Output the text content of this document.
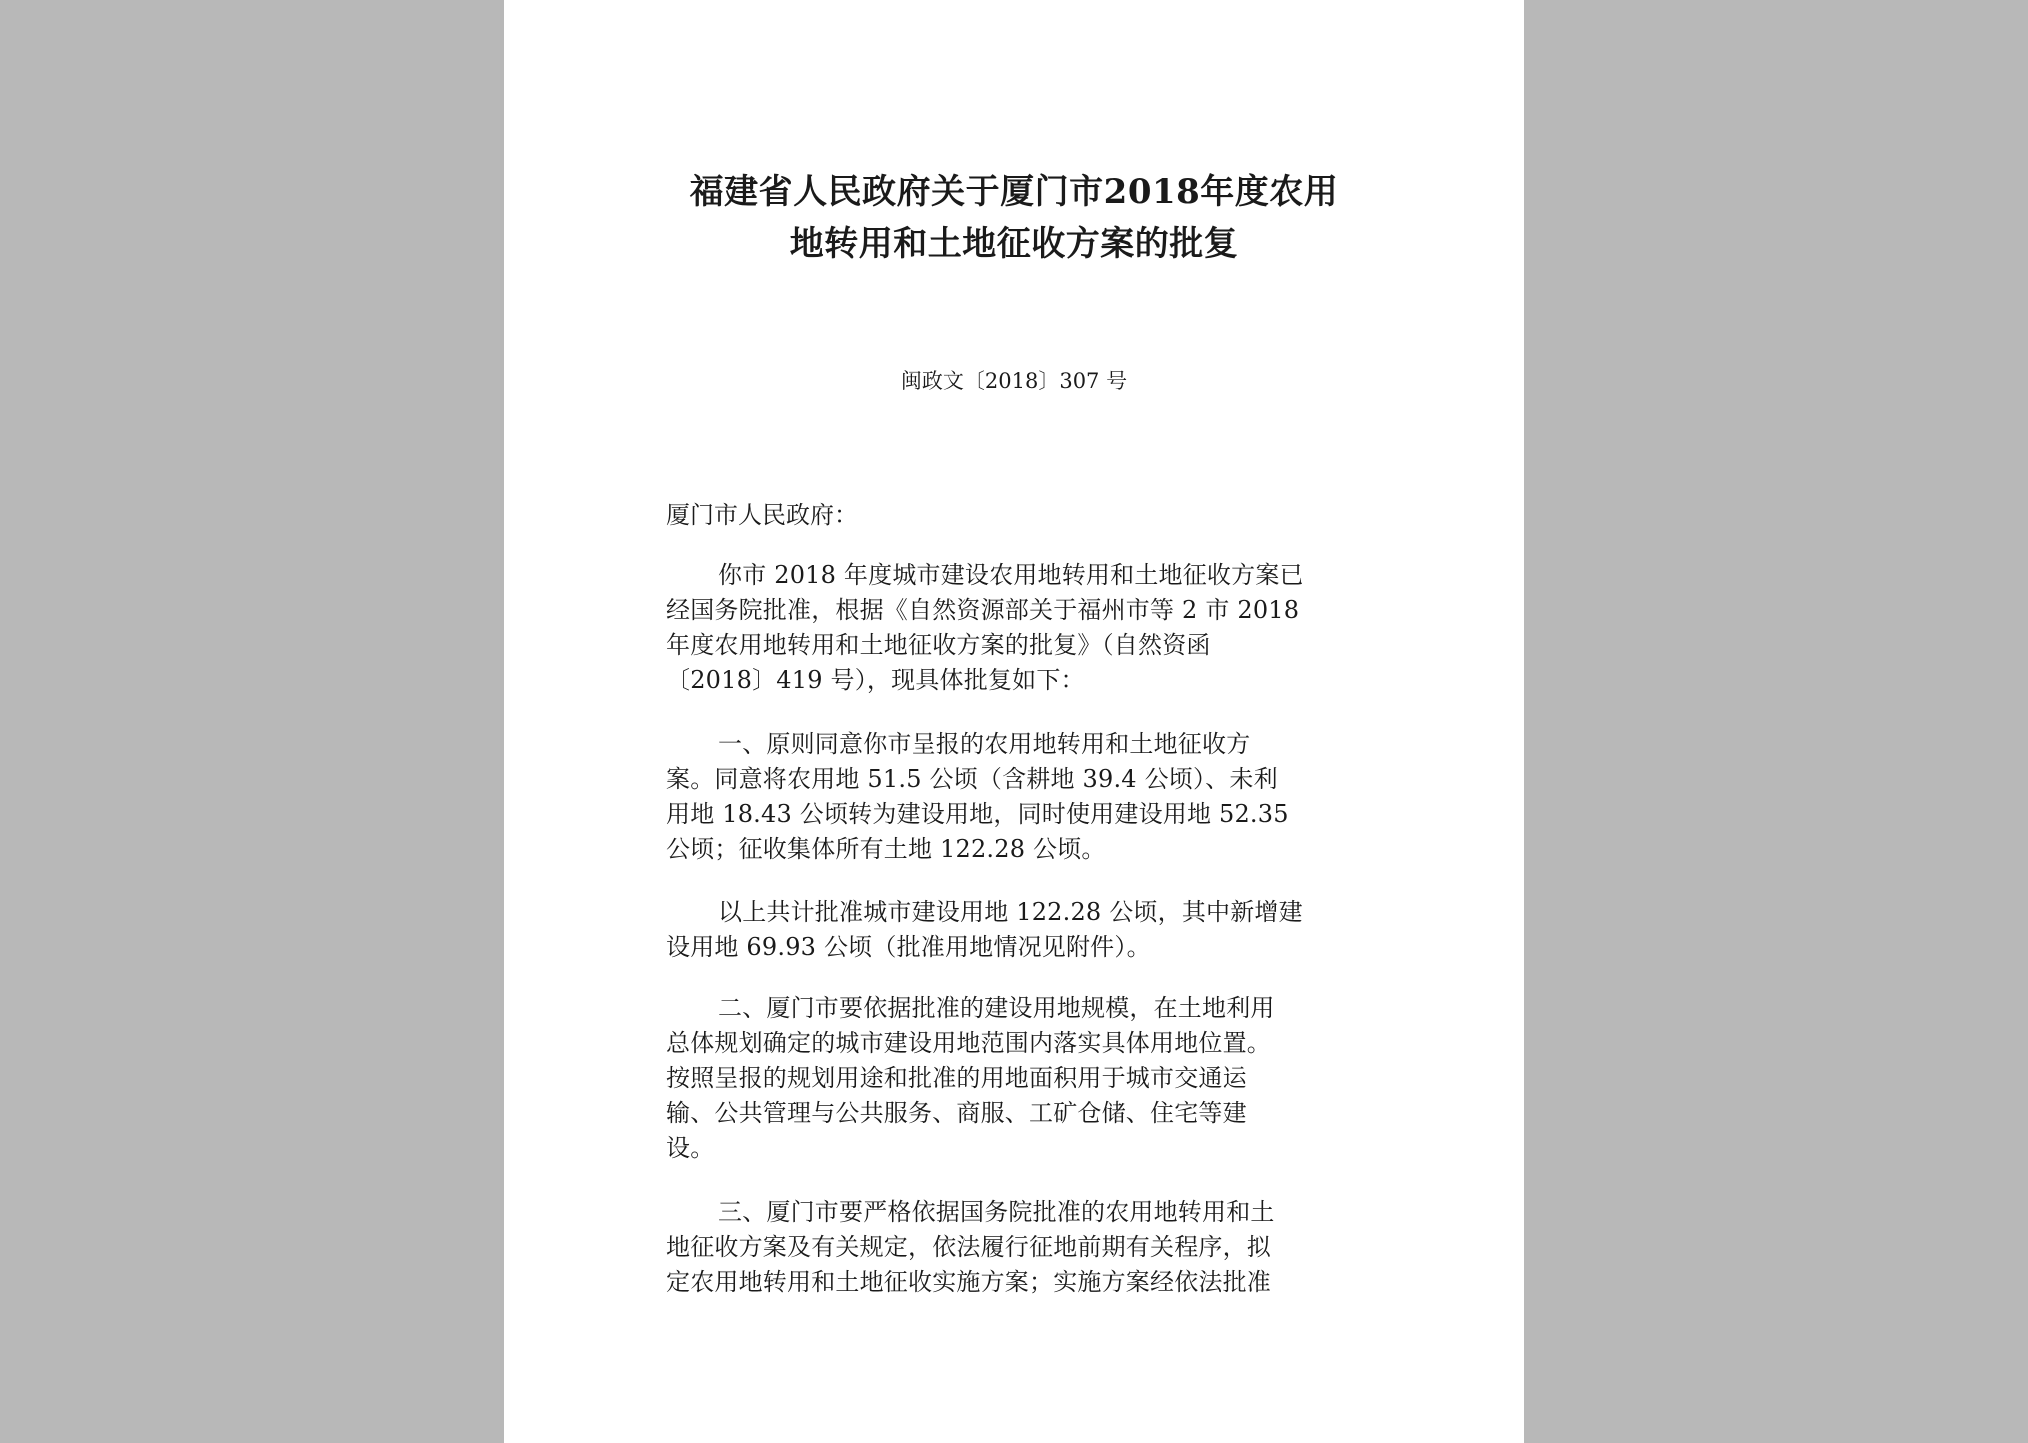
福建省人民政府关于厦门市2018年度农用
地转用和土地征收方案的批复
闽政文〔2018〕307 号
厦门市人民政府：
你市 2018 年度城市建设农用地转用和土地征收方案已
经国务院批准，根据《自然资源部关于福州市等 2 市 2018
年度农用地转用和土地征收方案的批复》（自然资函
〔2018〕419 号），现具体批复如下：
一、原则同意你市呈报的农用地转用和土地征收方
案。同意将农用地 51.5 公顷（含耕地 39.4 公顷）、未利
用地 18.43 公顷转为建设用地，同时使用建设用地 52.35
公顷；征收集体所有土地 122.28 公顷。
以上共计批准城市建设用地 122.28 公顷，其中新增建
设用地 69.93 公顷（批准用地情况见附件）。
二、厦门市要依据批准的建设用地规模，在土地利用
总体规划确定的城市建设用地范围内落实具体用地位置。
按照呈报的规划用途和批准的用地面积用于城市交通运
输、公共管理与公共服务、商服、工矿仓储、住宅等建
设。
三、厦门市要严格依据国务院批准的农用地转用和土
地征收方案及有关规定，依法履行征地前期有关程序，拟
定农用地转用和土地征收实施方案；实施方案经依法批准
